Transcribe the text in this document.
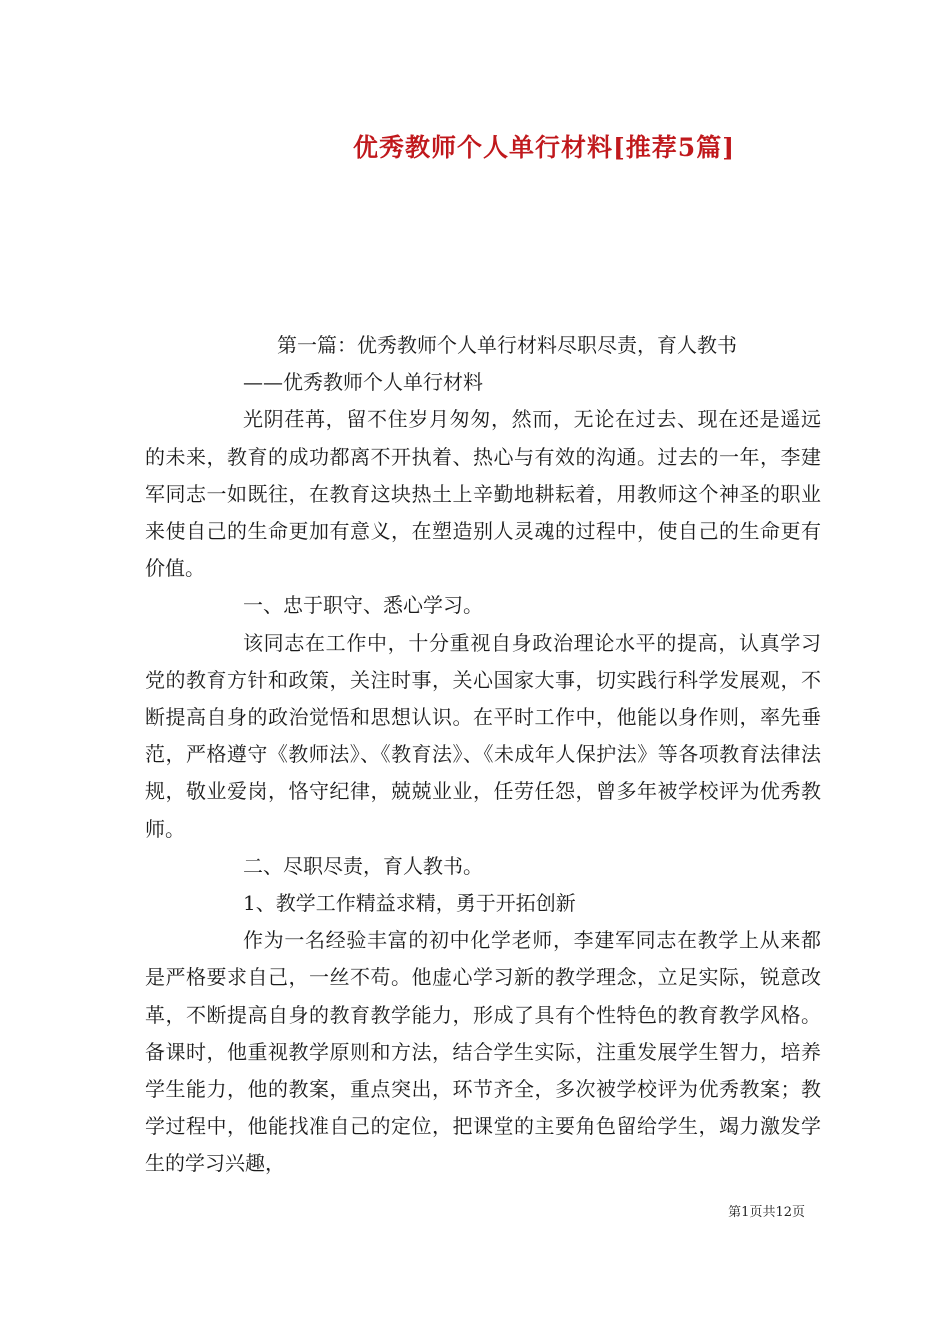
优秀教师个人单行材料[推荐5篇]

第一篇：优秀教师个人单行材料尽职尽责，育人教书

——优秀教师个人单行材料

光阴荏苒，留不住岁月匆匆，然而，无论在过去、现在还是遥远的未来，教育的成功都离不开执着、热心与有效的沟通。过去的一年，李建军同志一如既往，在教育这块热土上辛勤地耕耘着，用教师这个神圣的职业来使自己的生命更加有意义，在塑造别人灵魂的过程中，使自己的生命更有价值。

一、忠于职守、悉心学习。

该同志在工作中，十分重视自身政治理论水平的提高，认真学习党的教育方针和政策，关注时事，关心国家大事，切实践行科学发展观，不断提高自身的政治觉悟和思想认识。在平时工作中，他能以身作则，率先垂范，严格遵守《教师法》、《教育法》、《未成年人保护法》等各项教育法律法规，敬业爱岗，恪守纪律，兢兢业业，任劳任怨，曾多年被学校评为优秀教师。

二、尽职尽责，育人教书。

1、教学工作精益求精，勇于开拓创新

作为一名经验丰富的初中化学老师，李建军同志在教学上从来都是严格要求自己，一丝不苟。他虚心学习新的教学理念，立足实际，锐意改革，不断提高自身的教育教学能力，形成了具有个性特色的教育教学风格。备课时，他重视教学原则和方法，结合学生实际，注重发展学生智力，培养学生能力，他的教案，重点突出，环节齐全，多次被学校评为优秀教案；教学过程中，他能找准自己的定位，把课堂的主要角色留给学生，竭力激发学生的学习兴趣，

第1页共12页
